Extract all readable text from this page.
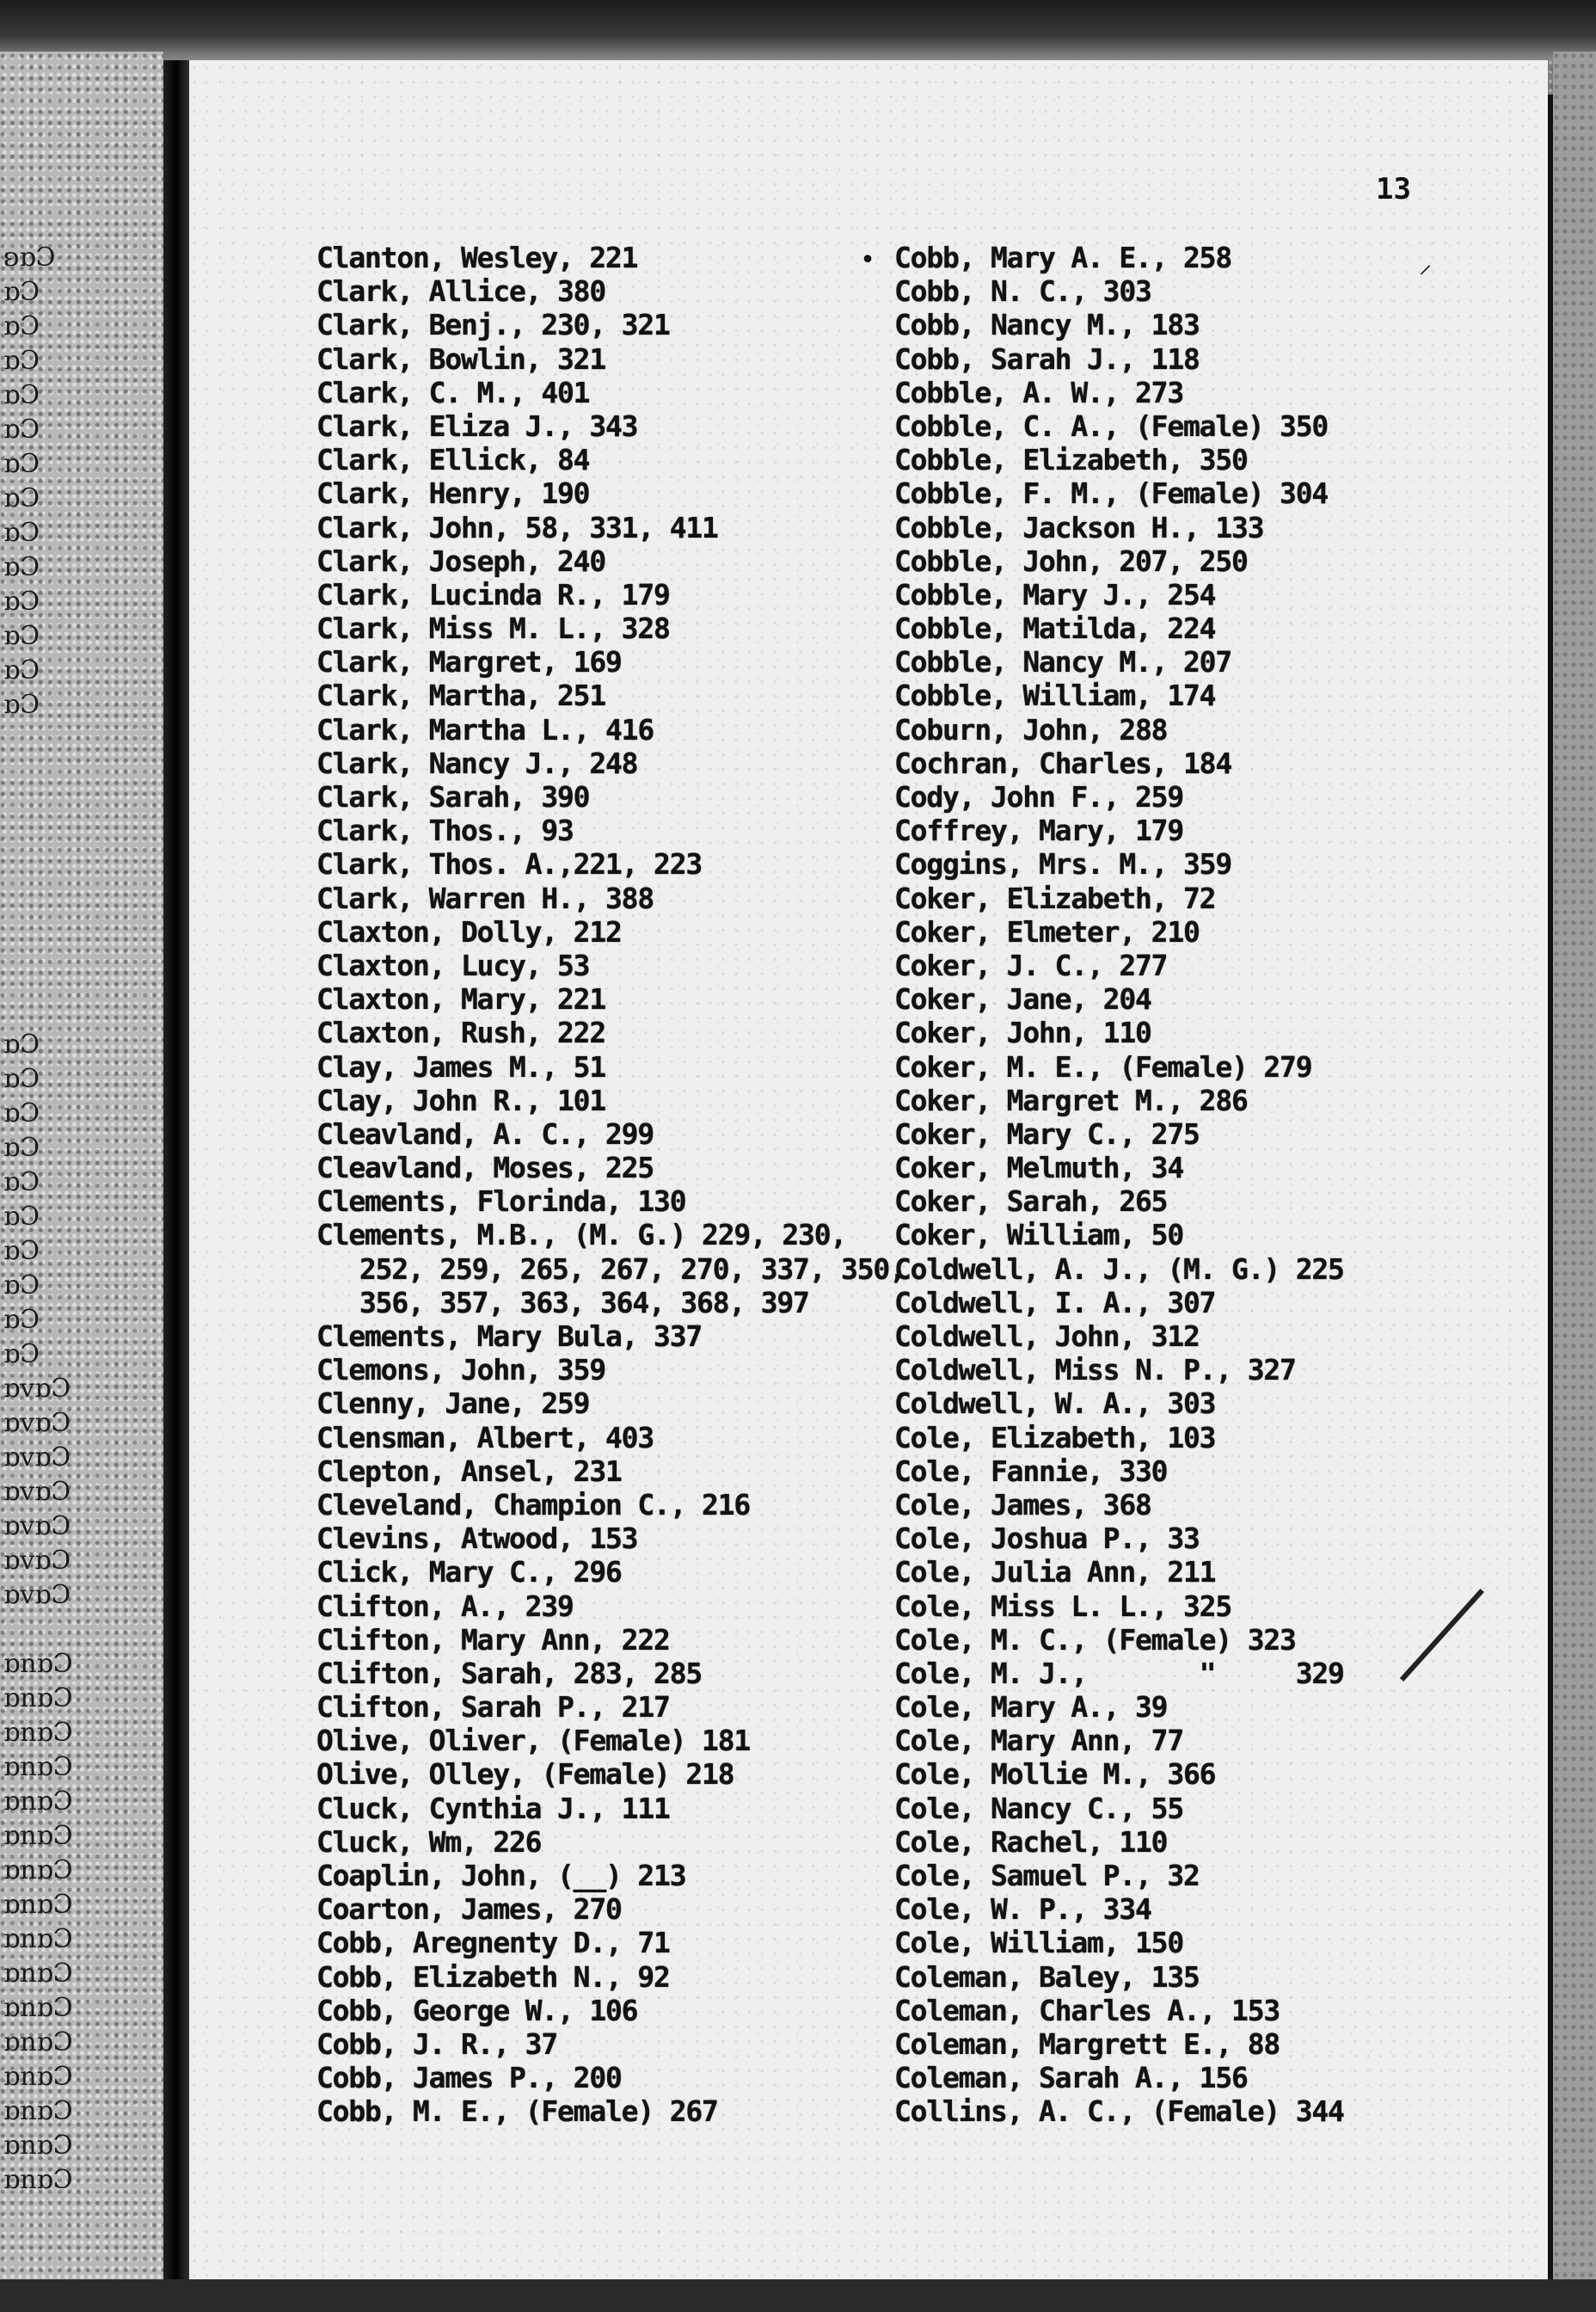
ʚɒƆ
ɒƆ
ɒƆ
ɒƆ
ɒƆ
ɒƆ
ɒƆ
ɒƆ
ɒƆ
ɒƆ
ɒƆ
ɒƆ
ɒƆ
ɒƆ
ɒƆ
ɒƆ
ɒƆ
ɒƆ
ɒƆ
ɒƆ
ɒƆ
ɒƆ
ɒƆ
ɒƆ
ɒvɒƆ
ɒvɒƆ
ɒvɒƆ
ɒvɒƆ
ɒvɒƆ
ɒvɒƆ
ɒvɒƆ
ɒnɒƆ
ɒnɒƆ
ɒnɒƆ
ɒnɒƆ
ɒnɒƆ
ɒnɒƆ
ɒnɒƆ
ɒnɒƆ
ɒnɒƆ
ɒnɒƆ
ɒnɒƆ
ɒnɒƆ
ɒnɒƆ
ɒnɒƆ
ɒnɒƆ
ɒnɒƆ
13
•	⸝
Clanton, Wesley, 221
Clark, Allice, 380
Clark, Benj., 230, 321
Clark, Bowlin, 321
Clark, C. M., 401
Clark, Eliza J., 343
Clark, Ellick, 84
Clark, Henry, 190
Clark, John, 58, 331, 411
Clark, Joseph, 240
Clark, Lucinda R., 179
Clark, Miss M. L., 328
Clark, Margret, 169
Clark, Martha, 251
Clark, Martha L., 416
Clark, Nancy J., 248
Clark, Sarah, 390
Clark, Thos., 93
Clark, Thos. A.,221, 223
Clark, Warren H., 388
Claxton, Dolly, 212
Claxton, Lucy, 53
Claxton, Mary, 221
Claxton, Rush, 222
Clay, James M., 51
Clay, John R., 101
Cleavland, A. C., 299
Cleavland, Moses, 225
Clements, Florinda, 130
Clements, M.B., (M. G.) 229, 230,
252, 259, 265, 267, 270, 337, 350,
356, 357, 363, 364, 368, 397
Clements, Mary Bula, 337
Clemons, John, 359
Clenny, Jane, 259
Clensman, Albert, 403
Clepton, Ansel, 231
Cleveland, Champion C., 216
Clevins, Atwood, 153
Click, Mary C., 296
Clifton, A., 239
Clifton, Mary Ann, 222
Clifton, Sarah, 283, 285
Clifton, Sarah P., 217
Olive, Oliver, (Female) 181
Olive, Olley, (Female) 218
Cluck, Cynthia J., 111
Cluck, Wm, 226
Coaplin, John, (__) 213
Coarton, James, 270
Cobb, Aregnenty D., 71
Cobb, Elizabeth N., 92
Cobb, George W., 106
Cobb, J. R., 37
Cobb, James P., 200
Cobb, M. E., (Female) 267
Cobb, Mary A. E., 258
Cobb, N. C., 303
Cobb, Nancy M., 183
Cobb, Sarah J., 118
Cobble, A. W., 273
Cobble, C. A., (Female) 350
Cobble, Elizabeth, 350
Cobble, F. M., (Female) 304
Cobble, Jackson H., 133
Cobble, John, 207, 250
Cobble, Mary J., 254
Cobble, Matilda, 224
Cobble, Nancy M., 207
Cobble, William, 174
Coburn, John, 288
Cochran, Charles, 184
Cody, John F., 259
Coffrey, Mary, 179
Coggins, Mrs. M., 359
Coker, Elizabeth, 72
Coker, Elmeter, 210
Coker, J. C., 277
Coker, Jane, 204
Coker, John, 110
Coker, M. E., (Female) 279
Coker, Margret M., 286
Coker, Mary C., 275
Coker, Melmuth, 34
Coker, Sarah, 265
Coker, William, 50
Coldwell, A. J., (M. G.) 225
Coldwell, I. A., 307
Coldwell, John, 312
Coldwell, Miss N. P., 327
Coldwell, W. A., 303
Cole, Elizabeth, 103
Cole, Fannie, 330
Cole, James, 368
Cole, Joshua P., 33
Cole, Julia Ann, 211
Cole, Miss L. L., 325
Cole, M. C., (Female) 323
Cole, M. J.,       "     329
Cole, Mary A., 39
Cole, Mary Ann, 77
Cole, Mollie M., 366
Cole, Nancy C., 55
Cole, Rachel, 110
Cole, Samuel P., 32
Cole, W. P., 334
Cole, William, 150
Coleman, Baley, 135
Coleman, Charles A., 153
Coleman, Margrett E., 88
Coleman, Sarah A., 156
Collins, A. C., (Female) 344
